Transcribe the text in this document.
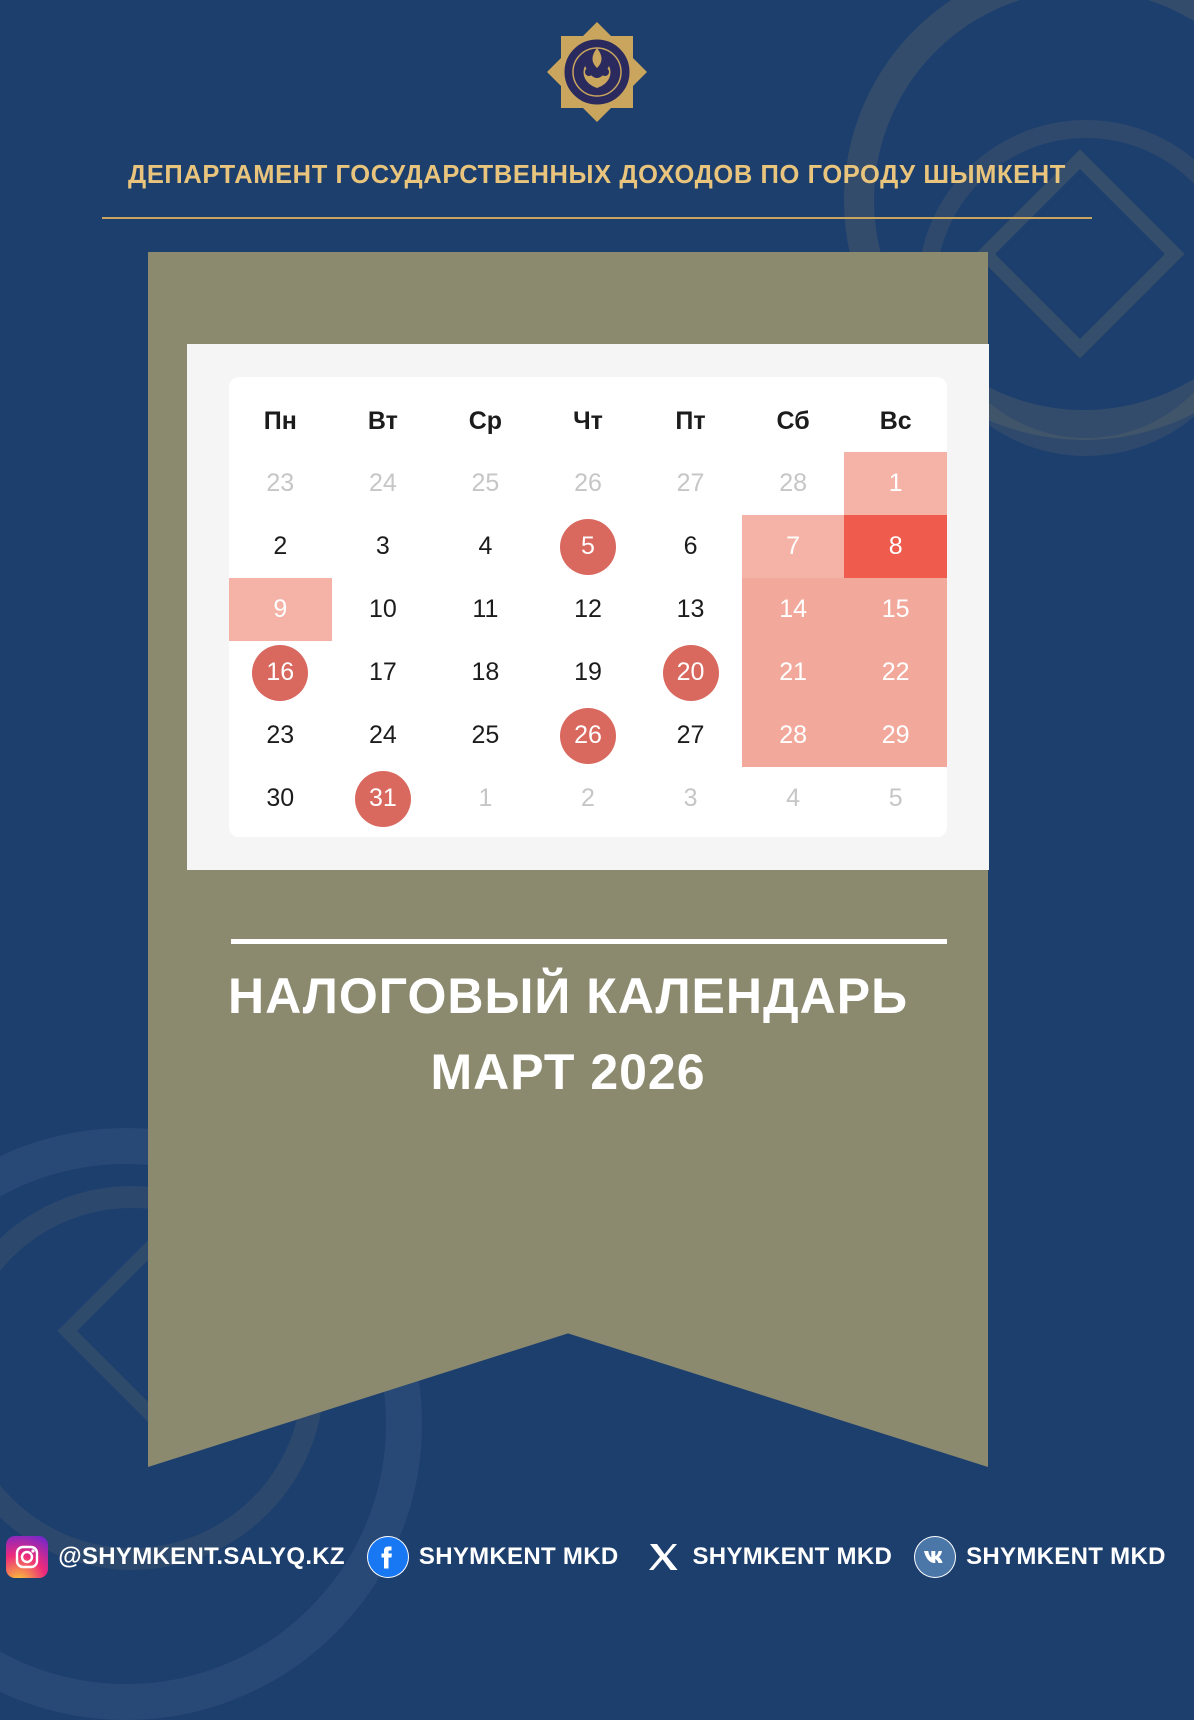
ДЕПАРТАМЕНТ ГОСУДАРСТВЕННЫХ ДОХОДОВ ПО ГОРОДУ ШЫМКЕНТ
Пн	Вт	Ср	Чт	Пт	Сб	Вс

23	24	25	26	27	28	1

2	3	4	5	6	7	8

9	10	11	12	13	14	15

16	17	18	19	20	21	22

23	24	25	26	27	28	29

30	31	1	2	3	4	5
НАЛОГОВЫЙ КАЛЕНДАРЬ
МАРТ 2026
@SHYMKENT.SALYQ.KZ	SHYMKENT MKD	SHYMKENT MKD	SHYMKENT MKD
